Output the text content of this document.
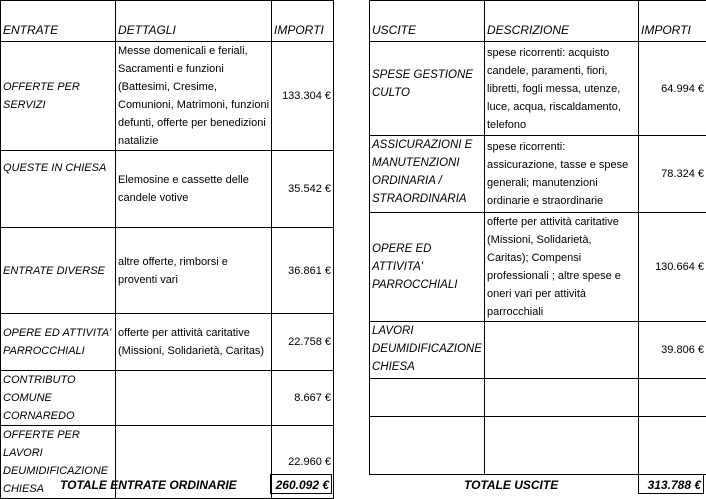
ENTRATE	DETTAGLI	IMPORTI
OFFERTE PER SERVIZI	Messe domenicali e feriali, Sacramenti e funzioni (Battesimi, Cresime, Comunioni, Matrimoni, funzioni defunti, offerte per benedizioni natalizie	133.304 €
QUESTE IN CHIESA	Elemosine e cassette delle candele votive	35.542 €
ENTRATE DIVERSE	altre offerte, rimborsi e proventi vari	36.861 €
OPERE ED ATTIVITA' PARROCCHIALI	offerte per attività caritative (Missioni, Solidarietà, Caritas)	22.758 €
CONTRIBUTO COMUNE CORNAREDO		8.667 €
OFFERTE PER LAVORI DEUMIDIFICAZIONE CHIESA		22.960 €
USCITE	DESCRIZIONE	IMPORTI
SPESE GESTIONE CULTO	spese ricorrenti: acquisto candele, paramenti, fiori, libretti, fogli messa, utenze, luce, acqua, riscaldamento, telefono	64.994 €
ASSICURAZIONI E MANUTENZIONI ORDINARIA / STRAORDINARIA	spese ricorrenti: assicurazione, tasse e spese generali; manutenzioni ordinarie e straordinarie	78.324 €
OPERE ED ATTIVITA' PARROCCHIALI	offerte per attività caritative (Missioni, Solidarietà, Caritas); Compensi professionali ; altre spese e oneri vari per attività parrocchiali	130.664 €
LAVORI DEUMIDIFICAZIONE CHIESA		39.806 €

TOTALE ENTRATE ORDINARIE	260.092 €	TOTALE USCITE	313.788 €
